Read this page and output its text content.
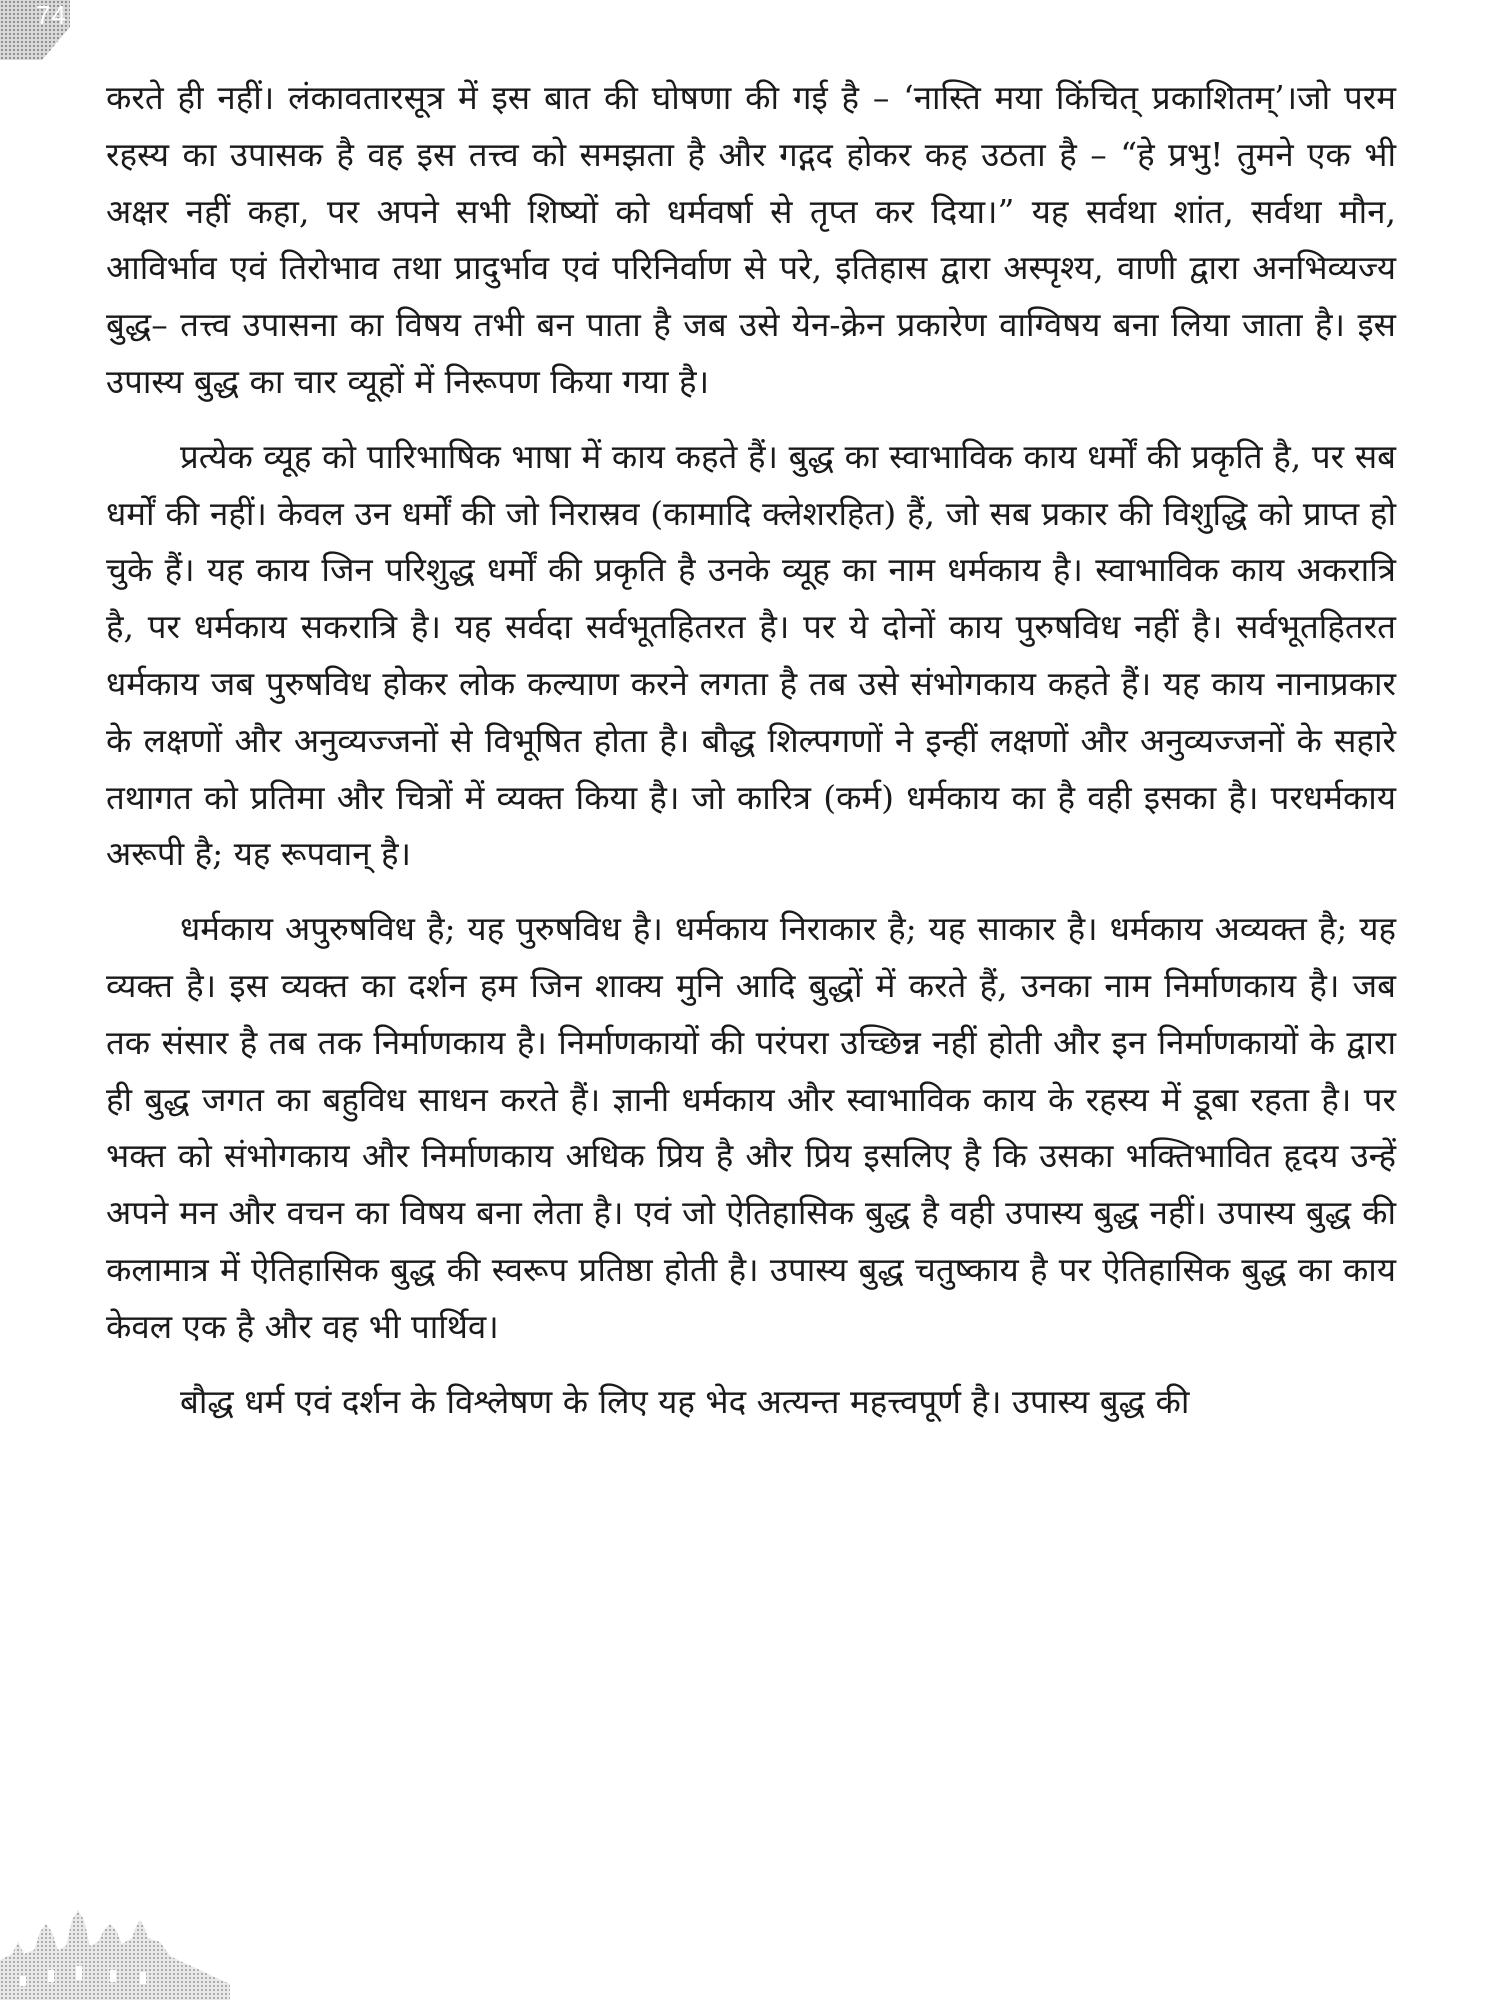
74

करते ही नहीं। लंकावतारसूत्र में इस बात की घोषणा की गई है – ‘नास्ति मया किंचित् प्रकाशितम्’।जो परम रहस्य का उपासक है वह इस तत्त्व को समझता है और गद्गद होकर कह उठता है – “हे प्रभु! तुमने एक भी अक्षर नहीं कहा, पर अपने सभी शिष्यों को धर्मवर्षा से तृप्त कर दिया।” यह सर्वथा शांत, सर्वथा मौन, आविर्भाव एवं तिरोभाव तथा प्रादुर्भाव एवं परिनिर्वाण से परे, इतिहास द्वारा अस्पृश्य, वाणी द्वारा अनभिव्यज्य बुद्ध– तत्त्व उपासना का विषय तभी बन पाता है जब उसे येन-क्रेन प्रकारेण वाग्विषय बना लिया जाता है। इस उपास्य बुद्ध का चार व्यूहों में निरूपण किया गया है।

प्रत्येक व्यूह को पारिभाषिक भाषा में काय कहते हैं। बुद्ध का स्वाभाविक काय धर्मों की प्रकृति है, पर सब धर्मों की नहीं। केवल उन धर्मों की जो निरास्रव (कामादि क्लेशरहित) हैं, जो सब प्रकार की विशुद्धि को प्राप्त हो चुके हैं। यह काय जिन परिशुद्ध धर्मों की प्रकृति है उनके व्यूह का नाम धर्मकाय है। स्वाभाविक काय अकरात्रि है, पर धर्मकाय सकरात्रि है। यह सर्वदा सर्वभूतहितरत है। पर ये दोनों काय पुरुषविध नहीं है। सर्वभूतहितरत धर्मकाय जब पुरुषविध होकर लोक कल्याण करने लगता है तब उसे संभोगकाय कहते हैं। यह काय नानाप्रकार के लक्षणों और अनुव्यज्जनों से विभूषित होता है। बौद्ध शिल्पगणों ने इन्हीं लक्षणों और अनुव्यज्जनों के सहारे तथागत को प्रतिमा और चित्रों में व्यक्त किया है। जो कारित्र (कर्म) धर्मकाय का है वही इसका है। परधर्मकाय अरूपी है; यह रूपवान् है।

धर्मकाय अपुरुषविध है; यह पुरुषविध है। धर्मकाय निराकार है; यह साकार है। धर्मकाय अव्यक्त है; यह व्यक्त है। इस व्यक्त का दर्शन हम जिन शाक्य मुनि आदि बुद्धों में करते हैं, उनका नाम निर्माणकाय है। जब तक संसार है तब तक निर्माणकाय है। निर्माणकायों की परंपरा उच्छिन्न नहीं होती और इन निर्माणकायों के द्वारा ही बुद्ध जगत का बहुविध साधन करते हैं। ज्ञानी धर्मकाय और स्वाभाविक काय के रहस्य में डूबा रहता है। पर भक्त को संभोगकाय और निर्माणकाय अधिक प्रिय है और प्रिय इसलिए है कि उसका भक्तिभावित हृदय उन्हें अपने मन और वचन का विषय बना लेता है। एवं जो ऐतिहासिक बुद्ध है वही उपास्य बुद्ध नहीं। उपास्य बुद्ध की कलामात्र में ऐतिहासिक बुद्ध की स्वरूप प्रतिष्ठा होती है। उपास्य बुद्ध चतुष्काय है पर ऐतिहासिक बुद्ध का काय केवल एक है और वह भी पार्थिव।

बौद्ध धर्म एवं दर्शन के विश्लेषण के लिए यह भेद अत्यन्त महत्त्वपूर्ण है। उपास्य बुद्ध की
